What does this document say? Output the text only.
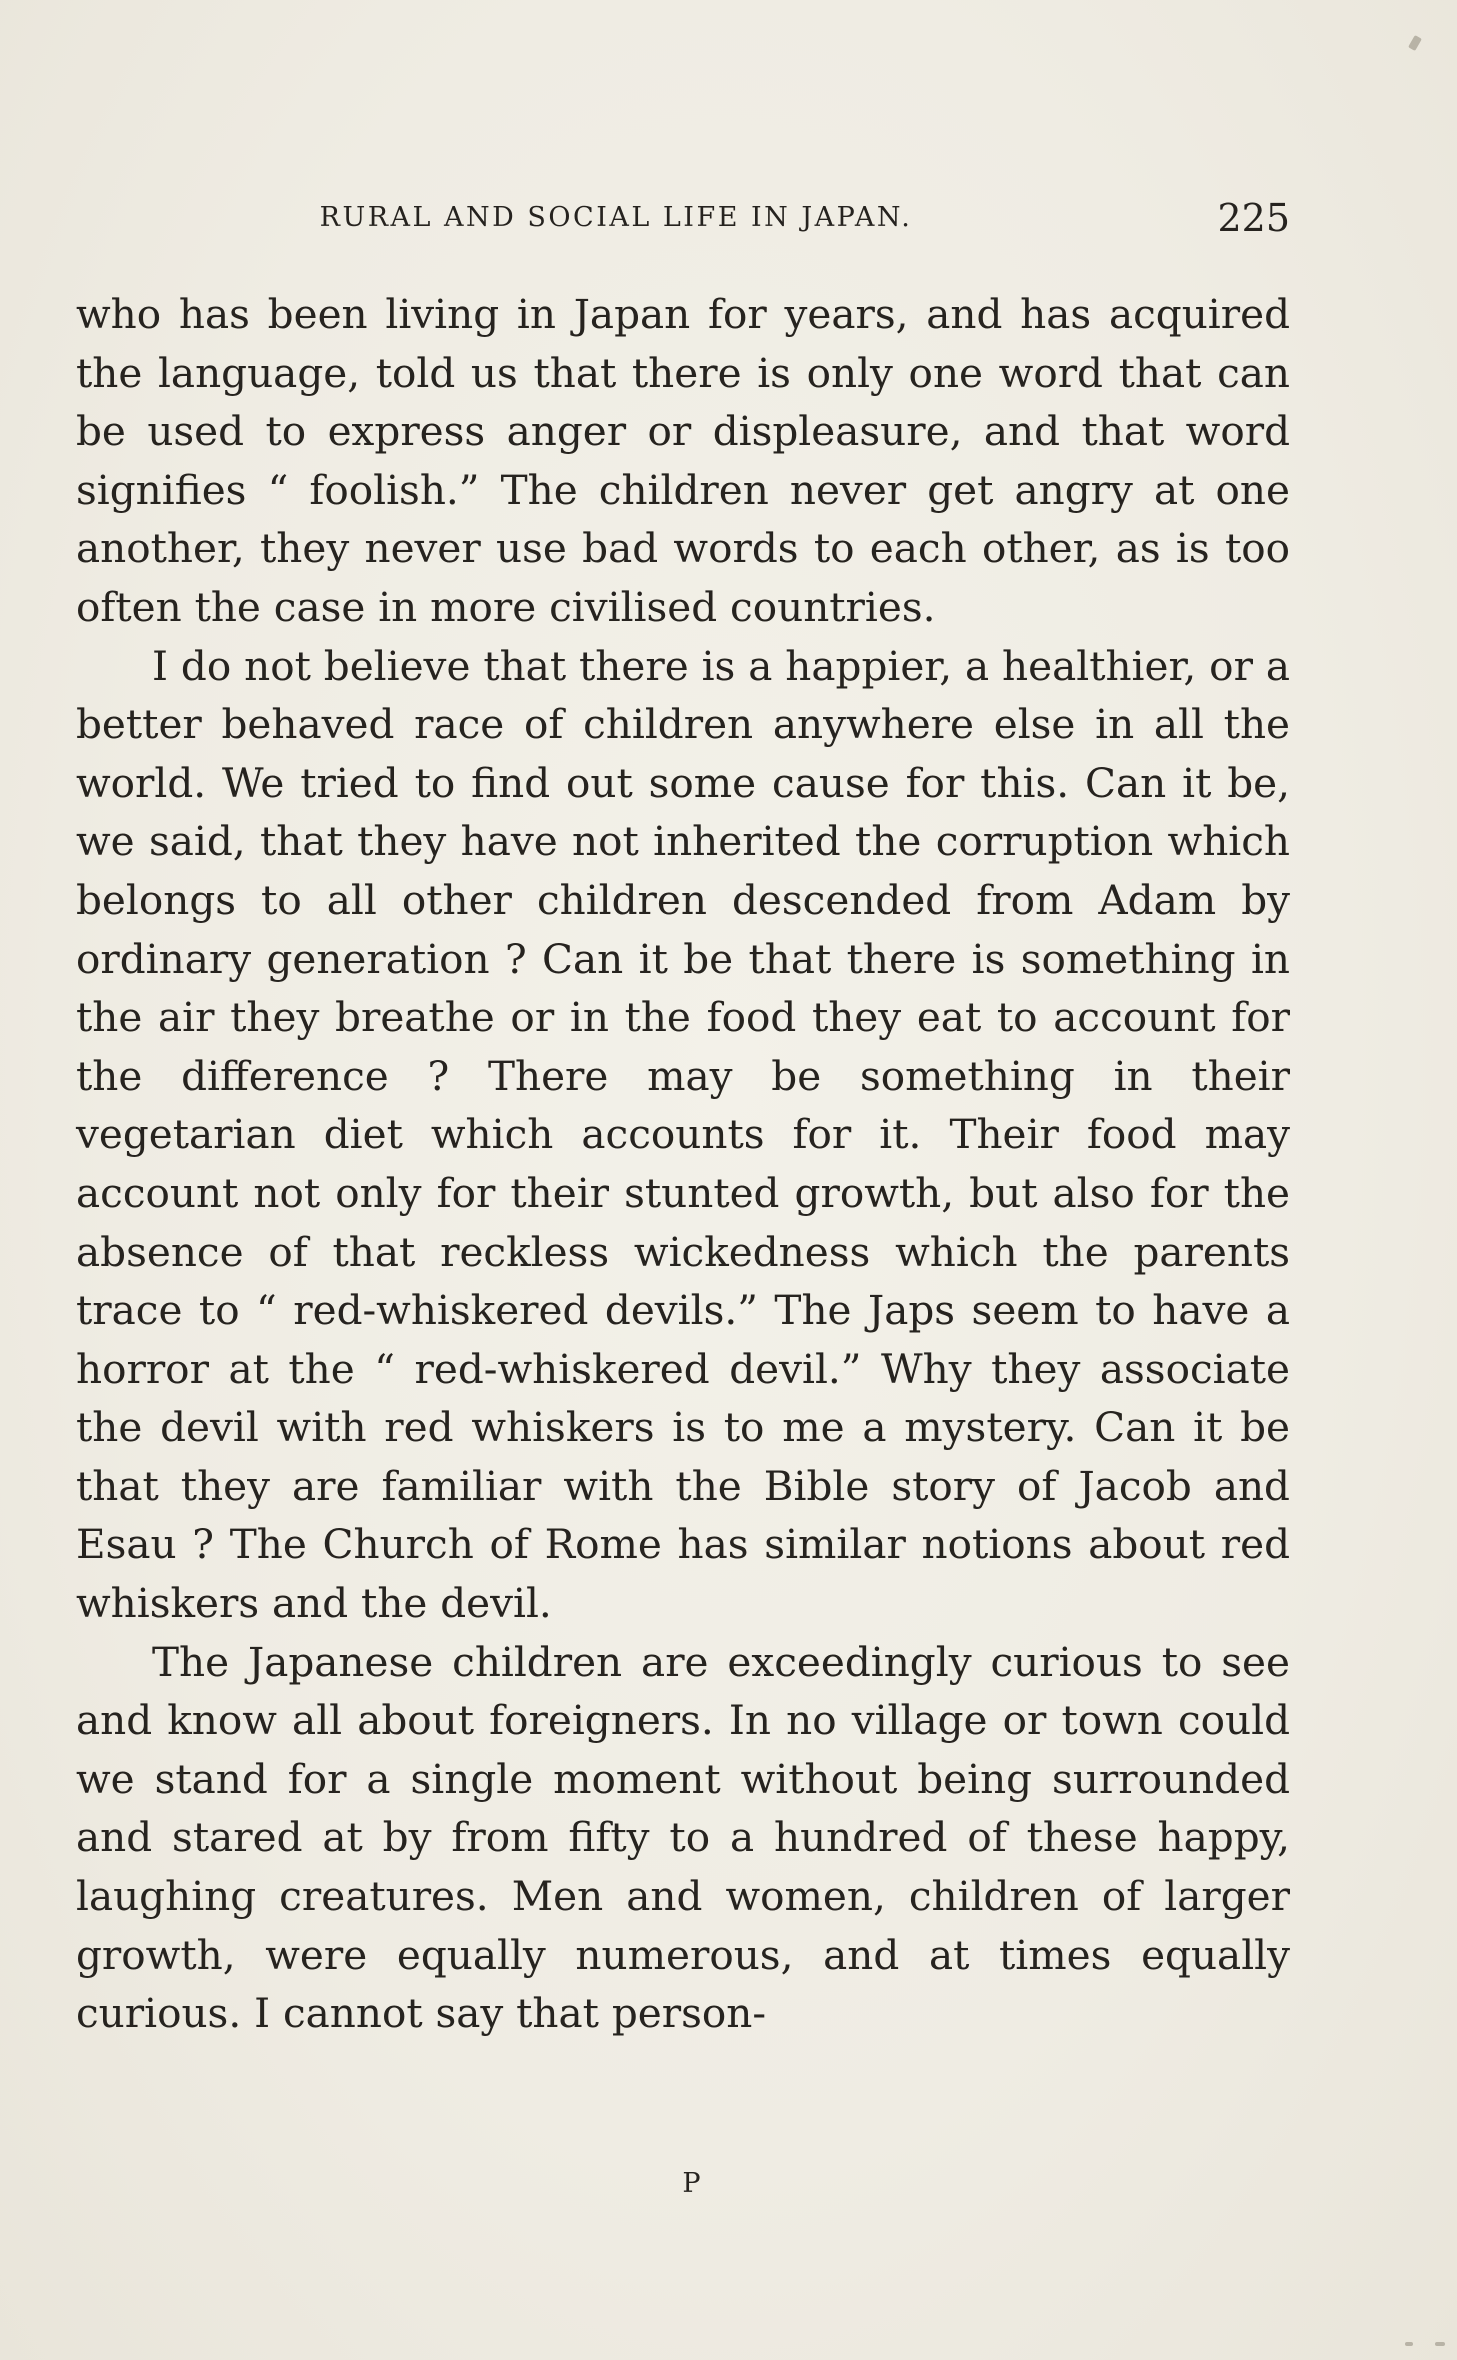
RURAL AND SOCIAL LIFE IN JAPAN.	225

who has been living in Japan for years, and has acquired the language, told us that there is only one word that can be used to express anger or displeasure, and that word signifies “ foolish.” The children never get angry at one another, they never use bad words to each other, as is too often the case in more civilised countries.

I do not believe that there is a happier, a healthier, or a better behaved race of children anywhere else in all the world. We tried to find out some cause for this. Can it be, we said, that they have not inherited the corruption which belongs to all other children descended from Adam by ordinary generation ? Can it be that there is something in the air they breathe or in the food they eat to account for the difference ? There may be something in their vegetarian diet which accounts for it. Their food may account not only for their stunted growth, but also for the absence of that reckless wickedness which the parents trace to “ red-whiskered devils.” The Japs seem to have a horror at the “ red-whiskered devil.” Why they associate the devil with red whiskers is to me a mystery. Can it be that they are familiar with the Bible story of Jacob and Esau ? The Church of Rome has similar notions about red whiskers and the devil.

The Japanese children are exceedingly curious to see and know all about foreigners. In no village or town could we stand for a single moment without being surrounded and stared at by from fifty to a hundred of these happy, laughing creatures. Men and women, children of larger growth, were equally numerous, and at times equally curious. I cannot say that person-

P
